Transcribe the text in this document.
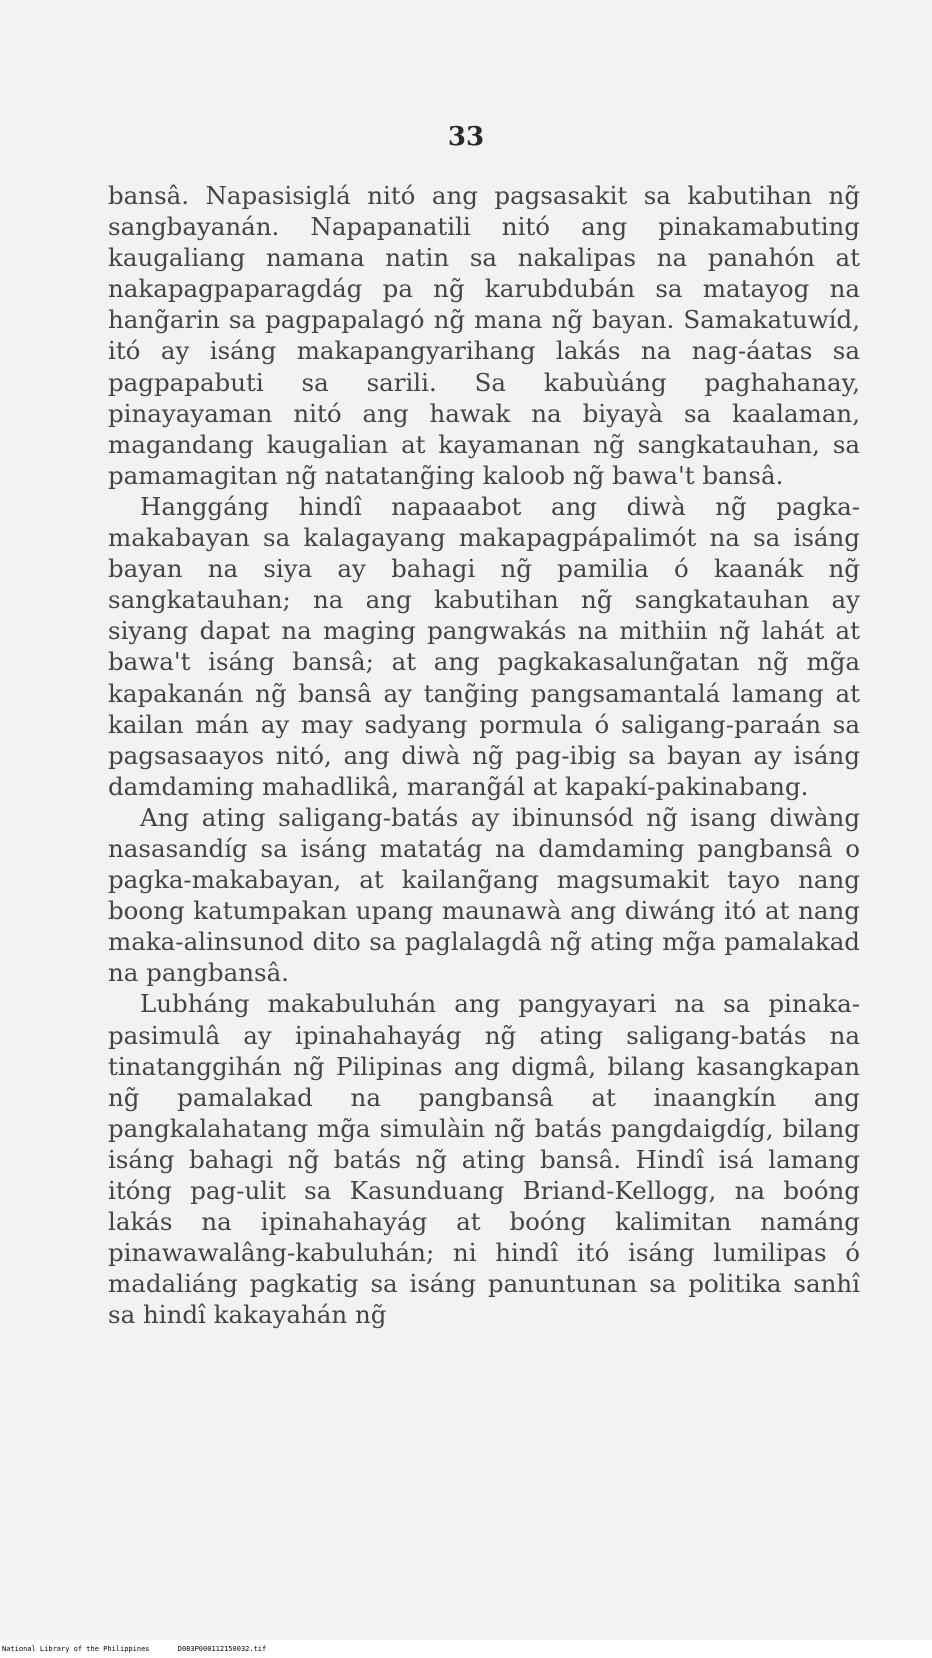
33

bansâ. Napasisiglá nitó ang pagsasakit sa kabutihan ng̃ sangbayanán. Napapanatili nitó ang pinakamabuting kaugaliang namana natin sa nakalipas na panahón at nakapagpaparagdág pa ng̃ karubdubán sa matayog na hang̃arin sa pagpapalagó ng̃ mana ng̃ bayan. Samakatuwíd, itó ay isáng makapangyarihang lakás na nag-áatas sa pagpapabuti sa sarili. Sa kabuùáng paghahanay, pinayayaman nitó ang hawak na biyayà sa kaalaman, magandang kaugalian at kayamanan ng̃ sangkatauhan, sa pamamagitan ng̃ natatang̃ing kaloob ng̃ bawa't bansâ.

Hanggáng hindî napaaabot ang diwà ng̃ pagka-makabayan sa kalagayang makapagpápalimót na sa isáng bayan na siya ay bahagi ng̃ pamilia ó kaanák ng̃ sangkatauhan; na ang kabutihan ng̃ sangkatauhan ay siyang dapat na maging pangwakás na mithiin ng̃ lahát at bawa't isáng bansâ; at ang pagkakasalung̃atan ng̃ mg̃a kapakanán ng̃ bansâ ay tang̃ing pangsamantalá lamang at kailan mán ay may sadyang pormula ó saligang-paraán sa pagsasaayos nitó, ang diwà ng̃ pag-ibig sa bayan ay isáng damdaming mahadlikâ, marang̃ál at kapakí-pakinabang.

Ang ating saligang-batás ay ibinunsód ng̃ isang diwàng nasasandíg sa isáng matatág na damdaming pangbansâ o pagka-makabayan, at kailang̃ang magsumakit tayo nang boong katumpakan upang maunawà ang diwáng itó at nang maka-alinsunod dito sa paglalagdâ ng̃ ating mg̃a pamalakad na pangbansâ.

Lubháng makabuluhán ang pangyayari na sa pinaka-pasimulâ ay ipinahahayág ng̃ ating saligang-batás na tinatanggihán ng̃ Pilipinas ang digmâ, bilang kasangkapan ng̃ pamalakad na pangbansâ at inaangkín ang pangkalahatang mg̃a simulàin ng̃ batás pangdaigdíg, bilang isáng bahagi ng̃ batás ng̃ ating bansâ. Hindî isá lamang itóng pag-ulit sa Kasunduang Briand-Kellogg, na boóng lakás na ipinahahayág at boóng kalimitan namáng pinawawalâng-kabuluhán; ni hindî itó isáng lumilipas ó madaliáng pagkatig sa isáng panuntunan sa politika sanhî sa hindî kakayahán ng̃

National Library of the Philippines	D083P000112150032.tif
